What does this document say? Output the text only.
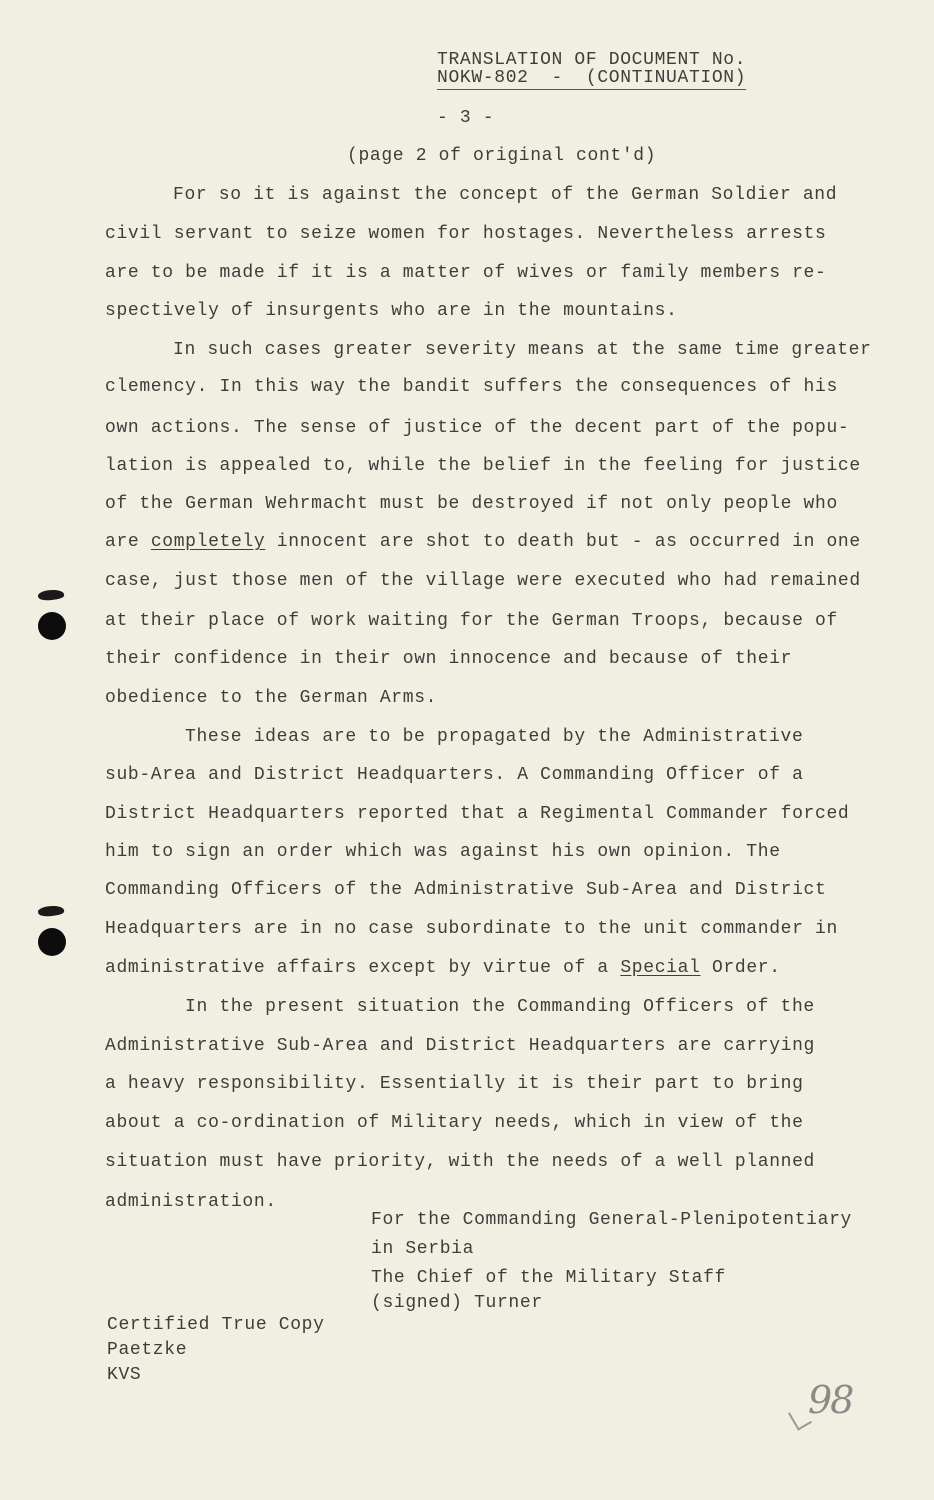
TRANSLATION OF DOCUMENT No.
NOKW-802  -  (CONTINUATION)
- 3 -
(page 2 of original cont'd)
For so it is against the concept of the German Soldier and
civil servant to seize women for hostages. Nevertheless arrests
are to be made if it is a matter of wives or family members re-
spectively of insurgents who are in the mountains.
In such cases greater severity means at the same time greater
clemency. In this way the bandit suffers the consequences of his
own actions. The sense of justice of the decent part of the popu-
lation is appealed to, while the belief in the feeling for justice
of the German Wehrmacht must be destroyed if not only people who
are completely innocent are shot to death but - as occurred in one
case, just those men of the village were executed who had remained
at their place of work waiting for the German Troops, because of
their confidence in their own innocence and because of their
obedience to the German Arms.
These ideas are to be propagated by the Administrative
sub-Area and District Headquarters. A Commanding Officer of a
District Headquarters reported that a Regimental Commander forced
him to sign an order which was against his own opinion. The
Commanding Officers of the Administrative Sub-Area and District
Headquarters are in no case subordinate to the unit commander in
administrative affairs except by virtue of a Special Order.
In the present situation the Commanding Officers of the
Administrative Sub-Area and District Headquarters are carrying
a heavy responsibility. Essentially it is their part to bring
about a co-ordination of Military needs, which in view of the
situation must have priority, with the needs of a well planned
administration.
For the Commanding General-Plenipotentiary
in Serbia
The Chief of the Military Staff
(signed) Turner
Certified True Copy
Paetzke
KVS
98
